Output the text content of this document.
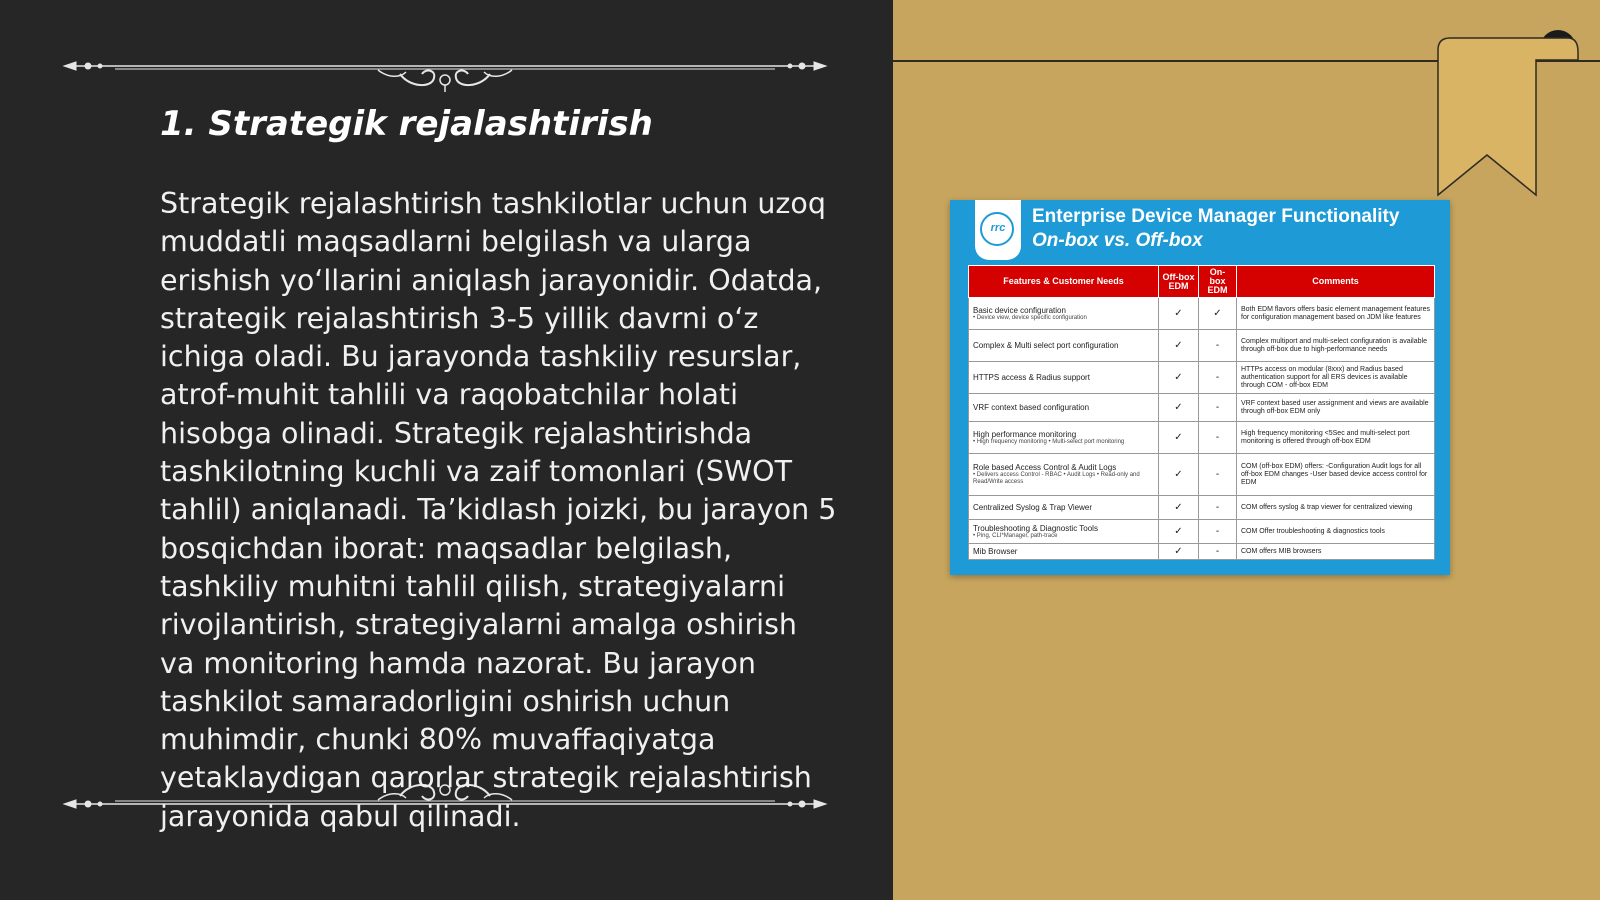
1. Strategik rejalashtirish

Strategik rejalashtirish tashkilotlar uchun uzoq muddatli maqsadlarni belgilash va ularga erishish yo‘llarini aniqlash jarayonidir. Odatda, strategik rejalashtirish 3-5 yillik davrni o‘z ichiga oladi. Bu jarayonda tashkiliy resurslar, atrof-muhit tahlili va raqobatchilar holati hisobga olinadi. Strategik rejalashtirishda tashkilotning kuchli va zaif tomonlari (SWOT tahlil) aniqlanadi. Ta’kidlash joizki, bu jarayon 5 bosqichdan iborat: maqsadlar belgilash, tashkiliy muhitni tahlil qilish, strategiyalarni rivojlantirish, strategiyalarni amalga oshirish va monitoring hamda nazorat. Bu jarayon tashkilot samaradorligini oshirish uchun muhimdir, chunki 80% muvaffaqiyatga yetaklaydigan qarorlar strategik rejalashtirish jarayonida qabul qilinadi.

rrc
Enterprise Device Manager Functionality
On-box vs. Off-box
Features & Customer Needs	Off-box EDM	On-box EDM	Comments

Basic device configuration
• Device view, device specific configuration	✓	✓	Both EDM flavors offers basic element management features for configuration management based on JDM like features

Complex & Multi select port configuration	✓	-	Complex multiport and multi-select configuration is available through off-box due to high-performance needs

HTTPS access & Radius support	✓	-	HTTPs access on modular (8xxx) and Radius based authentication support for all ERS devices is available through COM - off-box EDM

VRF context based configuration	✓	-	VRF context based user assignment and views are available through off-box EDM only

High performance monitoring
• High frequency monitoring • Multi-select port monitoring	✓	-	High frequency monitoring <5Sec and multi-select port monitoring is offered through off-box EDM

Role based Access Control & Audit Logs
• Delivers access Control - RBAC • Audit Logs • Read-only and Read/Write access	✓	-	COM (off-box EDM) offers: -Configuration Audit logs for all off-box EDM changes -User based device access control for EDM

Centralized Syslog & Trap Viewer	✓	-	COM offers syslog & trap viewer for centralized viewing

Troubleshooting & Diagnostic Tools
• Ping, CLI*Manager, path-trace	✓	-	COM Offer troubleshooting & diagnostics tools

Mib Browser	✓	-	COM offers MIB browsers
